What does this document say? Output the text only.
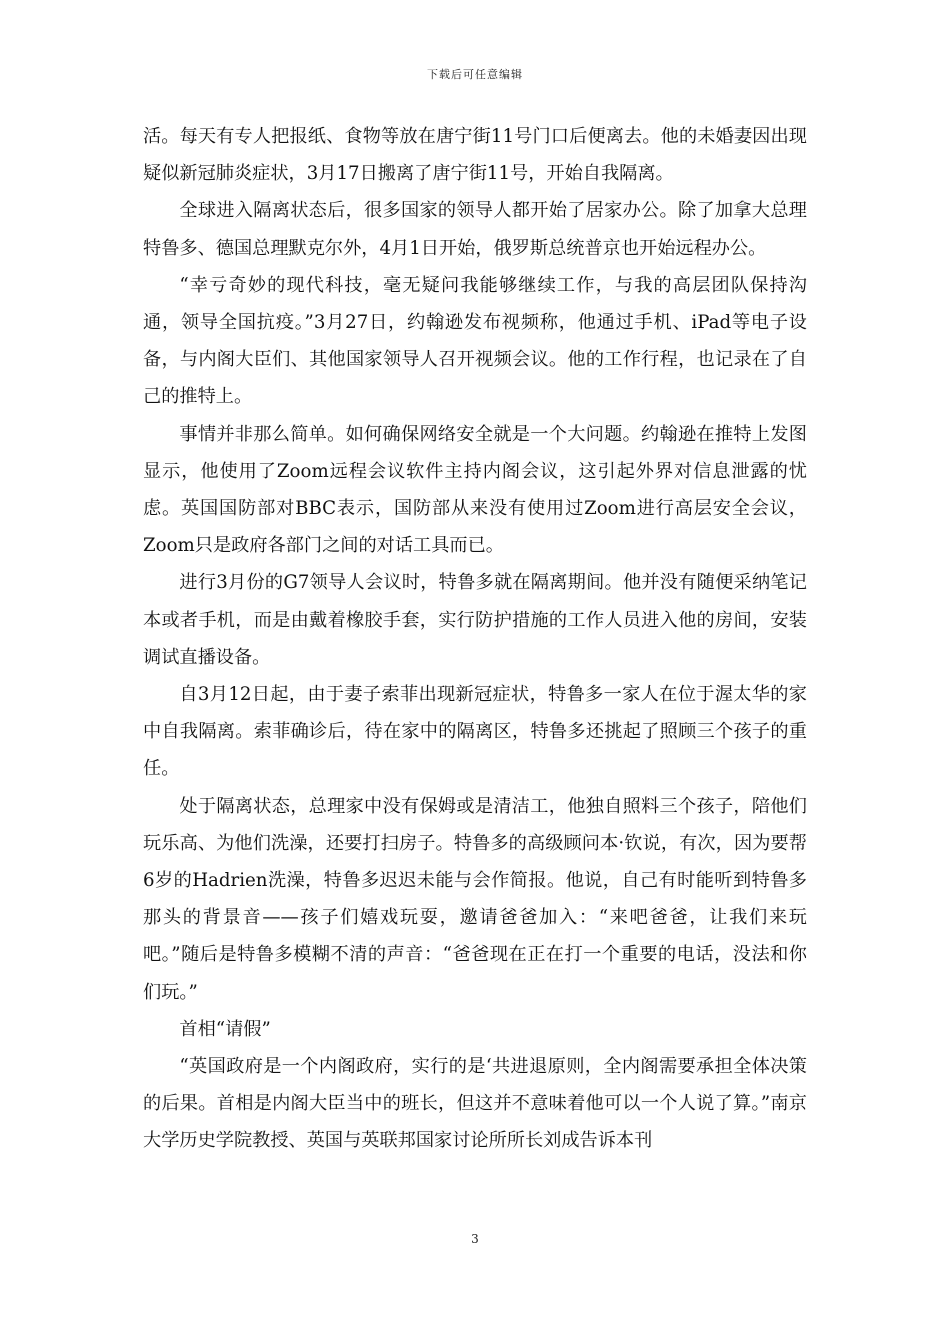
下载后可任意编辑

活。每天有专人把报纸、食物等放在唐宁街11号门口后便离去。他的未婚妻因出现疑似新冠肺炎症状，3月17日搬离了唐宁街11号，开始自我隔离。

全球进入隔离状态后，很多国家的领导人都开始了居家办公。除了加拿大总理特鲁多、德国总理默克尔外，4月1日开始，俄罗斯总统普京也开始远程办公。

“幸亏奇妙的现代科技，毫无疑问我能够继续工作，与我的高层团队保持沟通，领导全国抗疫。”3月27日，约翰逊发布视频称，他通过手机、iPad等电子设备，与内阁大臣们、其他国家领导人召开视频会议。他的工作行程，也记录在了自己的推特上。

事情并非那么简单。如何确保网络安全就是一个大问题。约翰逊在推特上发图显示，他使用了Zoom远程会议软件主持内阁会议，这引起外界对信息泄露的忧虑。英国国防部对BBC表示，国防部从来没有使用过Zoom进行高层安全会议，Zoom只是政府各部门之间的对话工具而已。

进行3月份的G7领导人会议时，特鲁多就在隔离期间。他并没有随便采纳笔记本或者手机，而是由戴着橡胶手套，实行防护措施的工作人员进入他的房间，安装调试直播设备。

自3月12日起，由于妻子索菲出现新冠症状，特鲁多一家人在位于渥太华的家中自我隔离。索菲确诊后，待在家中的隔离区，特鲁多还挑起了照顾三个孩子的重任。

处于隔离状态，总理家中没有保姆或是清洁工，他独自照料三个孩子，陪他们玩乐高、为他们洗澡，还要打扫房子。特鲁多的高级顾问本·钦说，有次，因为要帮6岁的Hadrien洗澡，特鲁多迟迟未能与会作简报。他说，自己有时能听到特鲁多那头的背景音——孩子们嬉戏玩耍，邀请爸爸加入：“来吧爸爸，让我们来玩吧。”随后是特鲁多模糊不清的声音：“爸爸现在正在打一个重要的电话，没法和你们玩。”

首相“请假”

“英国政府是一个内阁政府，实行的是‘共进退原则，全内阁需要承担全体决策的后果。首相是内阁大臣当中的班长，但这并不意味着他可以一个人说了算。”南京大学历史学院教授、英国与英联邦国家讨论所所长刘成告诉本刊

3
